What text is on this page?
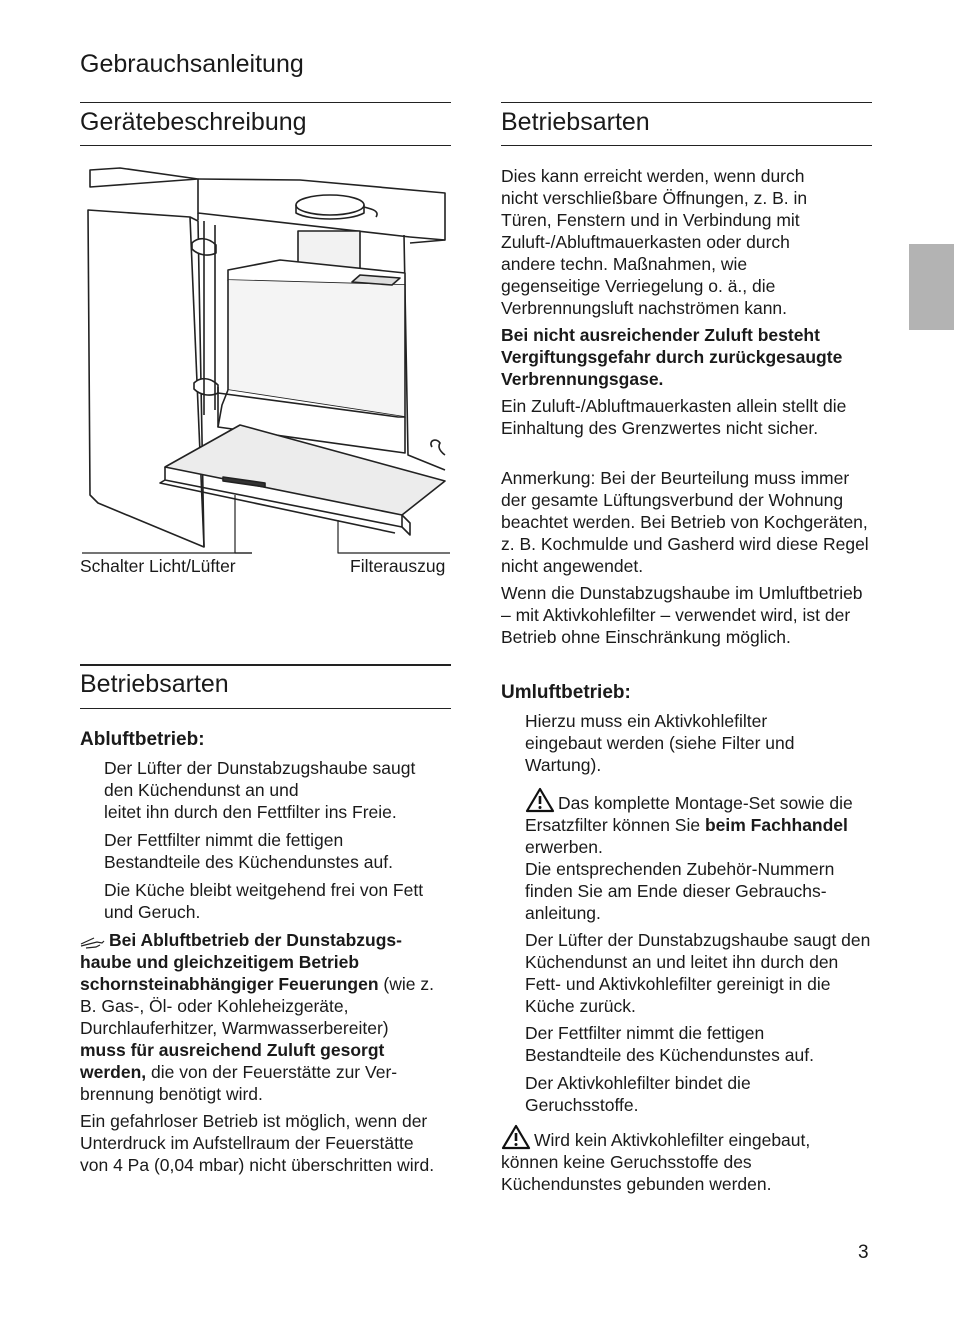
Gebrauchsanleitung
Gerätebeschreibung
Schalter Licht/Lüfter	Filterauszug
Betriebsarten
Abluftbetrieb:

Der Lüfter der Dunstabzugshaube saugt

den Küchendunst an und

leitet ihn durch den Fettfilter ins Freie.

Der Fettfilter nimmt die fettigen Bestandteile des Küchendunstes auf.

Die Küche bleibt weitgehend frei von Fett und Geruch.

Bei Abluftbetrieb der Dunstabzugshaube und gleichzeitigem Betrieb schornsteinabhängiger Feuerungen (wie z. B. Gas-, Öl- oder Kohleheizgeräte, Durchlauferhitzer, Warmwasserbereiter) muss für ausreichend Zuluft gesorgt werden, die von der Feuerstätte zur Verbrennung benötigt wird.

Ein gefahrloser Betrieb ist möglich, wenn der Unterdruck im Aufstellraum der Feuerstätte von 4 Pa (0,04 mbar) nicht überschritten wird.

Betriebsarten

Dies kann erreicht werden, wenn durch nicht verschließbare Öffnungen, z. B. in Türen, Fenstern und in Verbindung mit Zuluft-/Abluftmauerkasten oder durch andere techn. Maßnahmen, wie gegenseitige Verriegelung o. ä., die Verbrennungsluft nachströmen kann.

Bei nicht ausreichender Zuluft besteht Vergiftungsgefahr durch zurückgesaugte Verbrennungsgase.

Ein Zuluft-/Abluftmauerkasten allein stellt die Einhaltung des Grenzwertes nicht sicher.

Anmerkung: Bei der Beurteilung muss immer der gesamte Lüftungsverbund der Wohnung beachtet werden. Bei Betrieb von Kochgeräten, z. B. Kochmulde und Gasherd wird diese Regel nicht angewendet.

Wenn die Dunstabzugshaube im Umluftbetrieb – mit Aktivkohlefilter – verwendet wird, ist der Betrieb ohne Einschränkung möglich.

Umluftbetrieb:

Hierzu muss ein Aktivkohlefilter eingebaut werden (siehe Filter und Wartung).

Das komplette Montage-Set sowie die Ersatzfilter können Sie beim Fachhandel erwerben.
Die entsprechenden Zubehör-Nummern finden Sie am Ende dieser Gebrauchsanleitung.

Der Lüfter der Dunstabzugshaube saugt den Küchendunst an und leitet ihn durch den Fett- und Aktivkohlefilter gereinigt in die Küche zurück.

Der Fettfilter nimmt die fettigen Bestandteile des Küchendunstes auf.

Der Aktivkohlefilter bindet die Geruchsstoffe.

Wird kein Aktivkohlefilter eingebaut, können keine Geruchsstoffe des Küchendunstes gebunden werden.
3
